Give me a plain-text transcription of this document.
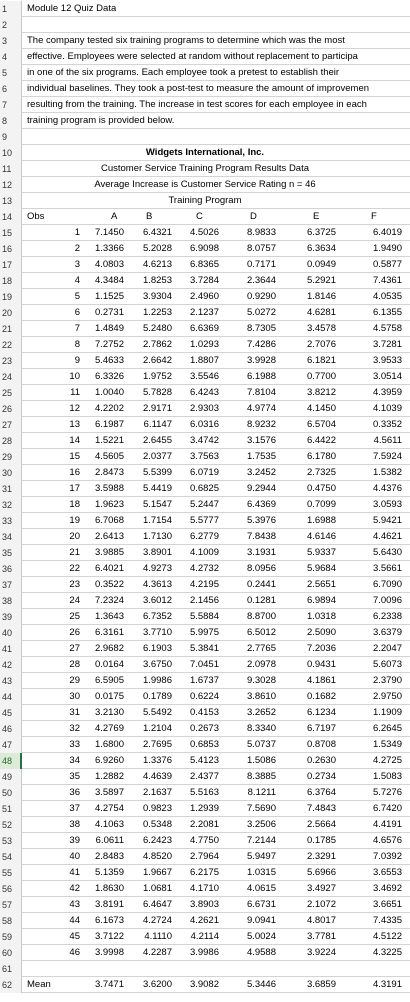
1	Module 12 Quiz Data
2
3	The company tested six training programs to determine which was the most
4	effective. Employees were selected at random without replacement to participa
5	in one of the six programs. Each employee took a pretest to establish their
6	individual baselines. They took a post-test to measure the amount of improvemen
7	resulting from the training. The increase in test scores for each employee in each
8	training program is provided below.
9
10	Widgets International, Inc.
11	Customer Service Training Program Results Data
12	Average Increase is Customer Service Rating n = 46
13	Training Program
14	Obs	A	B	C	D	E	F
15	1	7.1450	6.4321	4.5026	8.9833	6.3725	6.4019
16	2	1.3366	5.2028	6.9098	8.0757	6.3634	1.9490
17	3	4.0803	4.6213	6.8365	0.7171	0.0949	0.5877
18	4	4.3484	1.8253	3.7284	2.3644	5.2921	7.4361
19	5	1.1525	3.9304	2.4960	0.9290	1.8146	4.0535
20	6	0.2731	1.2253	2.1237	5.0272	4.6281	6.1355
21	7	1.4849	5.2480	6.6369	8.7305	3.4578	4.5758
22	8	7.2752	2.7862	1.0293	7.4286	2.7076	3.7281
23	9	5.4633	2.6642	1.8807	3.9928	6.1821	3.9533
24	10	6.3326	1.9752	3.5546	6.1988	0.7700	3.0514
25	11	1.0040	5.7828	6.4243	7.8104	3.8212	4.3959
26	12	4.2202	2.9171	2.9303	4.9774	4.1450	4.1039
27	13	6.1987	6.1147	6.0316	8.9232	6.5704	0.3352
28	14	1.5221	2.6455	3.4742	3.1576	6.4422	4.5611
29	15	4.5605	2.0377	3.7563	1.7535	6.1780	7.5924
30	16	2.8473	5.5399	6.0719	3.2452	2.7325	1.5382
31	17	3.5988	5.4419	0.6825	9.2944	0.4750	4.4376
32	18	1.9623	5.1547	5.2447	6.4369	0.7099	3.0593
33	19	6.7068	1.7154	5.5777	5.3976	1.6988	5.9421
34	20	2.6413	1.7130	6.2779	7.8438	4.6146	4.4621
35	21	3.9885	3.8901	4.1009	3.1931	5.9337	5.6430
36	22	6.4021	4.9273	4.2732	8.0956	5.9684	3.5661
37	23	0.3522	4.3613	4.2195	0.2441	2.5651	6.7090
38	24	7.2324	3.6012	2.1456	0.1281	6.9894	7.0096
39	25	1.3643	6.7352	5.5884	8.8700	1.0318	6.2338
40	26	6.3161	3.7710	5.9975	6.5012	2.5090	3.6379
41	27	2.9682	6.1903	5.3841	2.7765	7.2036	2.2047
42	28	0.0164	3.6750	7.0451	2.0978	0.9431	5.6073
43	29	6.5905	1.9986	1.6737	9.3028	4.1861	2.3790
44	30	0.0175	0.1789	0.6224	3.8610	0.1682	2.9750
45	31	3.2130	5.5492	0.4153	3.2652	6.1234	1.1909
46	32	4.2769	1.2104	0.2673	8.3340	6.7197	6.2645
47	33	1.6800	2.7695	0.6853	5.0737	0.8708	1.5349
48	34	6.9260	1.3376	5.4123	1.5086	0.2630	4.2725
49	35	1.2882	4.4639	2.4377	8.3885	0.2734	1.5083
50	36	3.5897	2.1637	5.5163	8.1211	6.3764	5.7276
51	37	4.2754	0.9823	1.2939	7.5690	7.4843	6.7420
52	38	4.1063	0.5348	2.2081	3.2506	2.5664	4.4191
53	39	6.0611	6.2423	4.7750	7.2144	0.1785	4.6576
54	40	2.8483	4.8520	2.7964	5.9497	2.3291	7.0392
55	41	5.1359	1.9667	6.2175	1.0315	5.6966	3.6553
56	42	1.8630	1.0681	4.1710	4.0615	3.4927	3.4692
57	43	3.8191	6.4647	3.8903	6.6731	2.1072	3.6651
58	44	6.1673	4.2724	4.2621	9.0941	4.8017	7.4335
59	45	3.7122	4.1110	4.2114	5.0024	3.7781	4.5122
60	46	3.9998	4.2287	3.9986	4.9588	3.9224	4.3225
61
62	Mean	3.7471	3.6200	3.9082	5.3446	3.6859	4.3191
